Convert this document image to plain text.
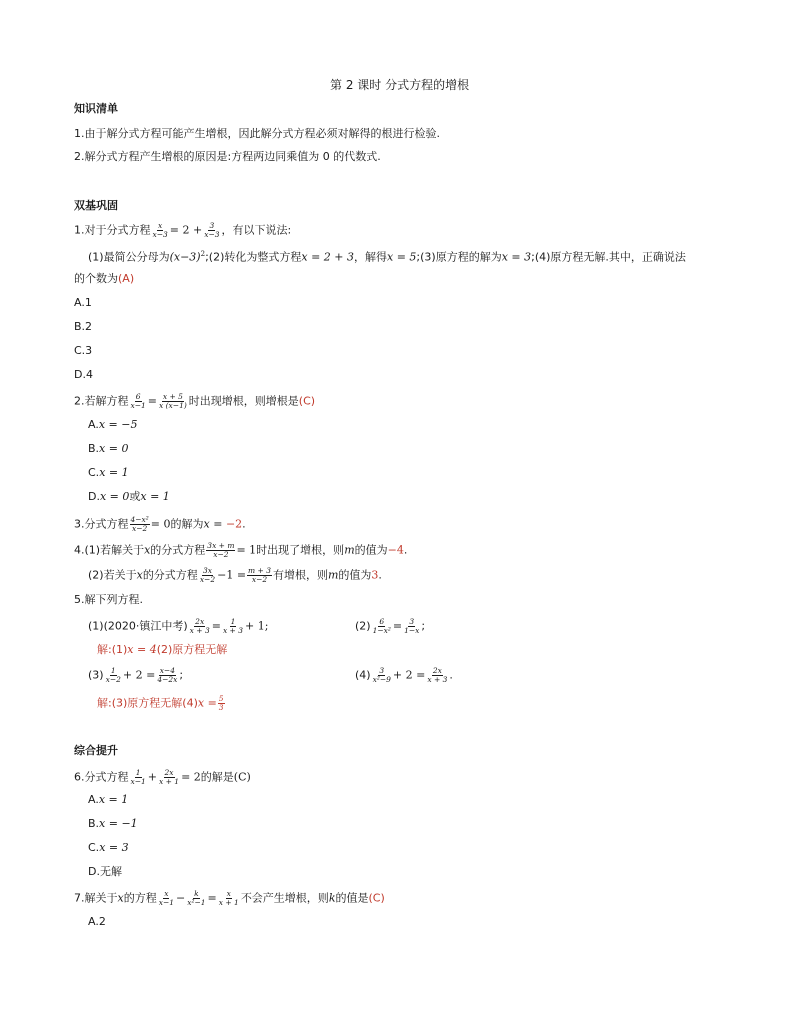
第 2 课时 分式方程的增根
知识清单
1.由于解分式方程可能产生增根，因此解分式方程必须对解得的根进行检验.
2.解分式方程产生增根的原因是:方程两边同乘值为 0 的代数式.
双基巩固
1.对于分式方程 $\frac{x}{x-3} = 2 + \frac{3}{x-3}$ ，有以下说法:
(1)最简公分母为$(x-3)^2;(2)$转化为整式方程x = 2 + 3，解得x = 5;(3)原方程的解为x = 3;(4)原方程无解.其中，正确说法
的个数为(A)
A.1
B.2
C.3
D.4
2.若解方程 $\frac{6}{x-1} = \frac{x + 5}{x (x-1)}$ 时出现增根，则增根是(C)
A.x = −5
B.x = 0
C.x = 1
D.x = 0或x = 1
3.分式方程 $\frac{\text{4−x²}}{x-2} = 0$的解为x = −2.
4.(1)若解关于x的分式方程 $\frac{3x + m}{x-2} = 1$时出现了增根，则m的值为−4.
(2)若关于x的分式方程 $\frac{3x}{x-2} -1 = \frac{m + 3}{x-2}$ 有增根，则m的值为3.
5.解下列方程.
(1)(2020·镇江中考) $\frac{2x}{x + 3} = \frac{1}{x + 3} + 1$;	$(2) \frac{6}{\text{1−x²}} = \frac{3}{1-x}$ ;
解:(1)x = 4(2)原方程无解
$(3) \frac{1}{x-2} + 2 = \frac{x-4}{4-2x}$ ;	$(4) \frac{3}{\text{x²−9}} + 2 = \frac{2x}{x + 3}$ .
解:(3)原方程无解$(4)x = \frac{5}{3}$
综合提升
6.分式方程 $\frac{1}{x-1} + \frac{2x}{x + 1} = 2$的解是(C)
A.x = 1
B.x = −1
C.x = 3
D.无解
7.解关于x的方程 $\frac{x}{x-1} - \frac{k}{\text{x²−1}} = \frac{x}{x + 1}$ 不会产生增根，则k的值是(C)
A.2
